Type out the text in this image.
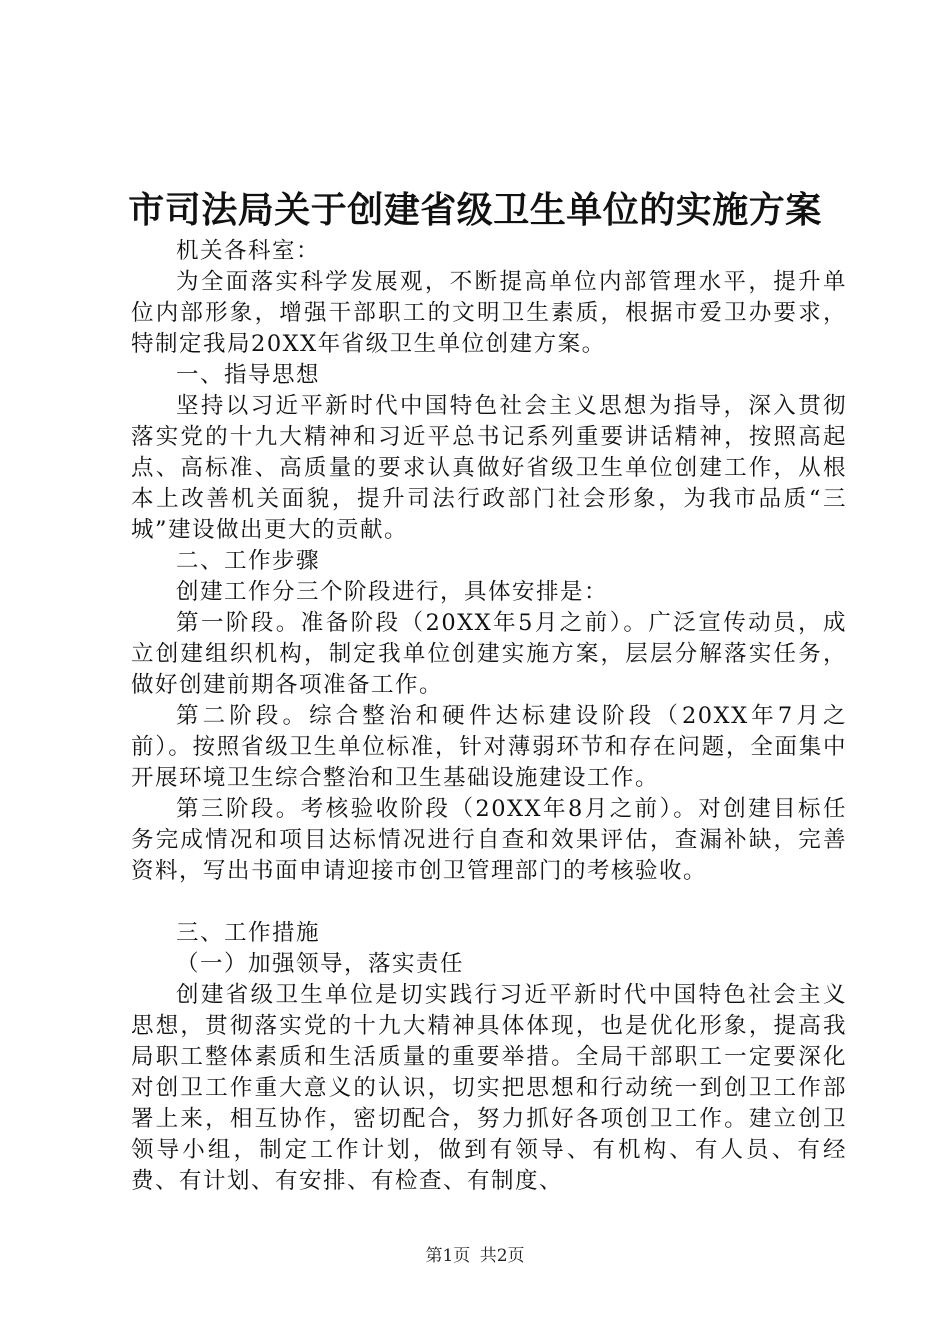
市司法局关于创建省级卫生单位的实施方案

机关各科室：

为全面落实科学发展观，不断提高单位内部管理水平，提升单位内部形象，增强干部职工的文明卫生素质，根据市爱卫办要求，特制定我局20XX年省级卫生单位创建方案。

一、指导思想

坚持以习近平新时代中国特色社会主义思想为指导，深入贯彻落实党的十九大精神和习近平总书记系列重要讲话精神，按照高起点、高标准、高质量的要求认真做好省级卫生单位创建工作，从根本上改善机关面貌，提升司法行政部门社会形象，为我市品质“三城”建设做出更大的贡献。

二、工作步骤

创建工作分三个阶段进行，具体安排是：

第一阶段。准备阶段（20XX年5月之前）。广泛宣传动员，成立创建组织机构，制定我单位创建实施方案，层层分解落实任务，做好创建前期各项准备工作。

第二阶段。综合整治和硬件达标建设阶段（20XX年7月之前）。按照省级卫生单位标准，针对薄弱环节和存在问题，全面集中开展环境卫生综合整治和卫生基础设施建设工作。

第三阶段。考核验收阶段（20XX年8月之前）。对创建目标任务完成情况和项目达标情况进行自查和效果评估，查漏补缺，完善资料，写出书面申请迎接市创卫管理部门的考核验收。

三、工作措施

（一）加强领导，落实责任

创建省级卫生单位是切实践行习近平新时代中国特色社会主义思想，贯彻落实党的十九大精神具体体现，也是优化形象，提高我局职工整体素质和生活质量的重要举措。全局干部职工一定要深化对创卫工作重大意义的认识，切实把思想和行动统一到创卫工作部署上来，相互协作，密切配合，努力抓好各项创卫工作。建立创卫领导小组，制定工作计划，做到有领导、有机构、有人员、有经费、有计划、有安排、有检查、有制度、

第1页 共2页
